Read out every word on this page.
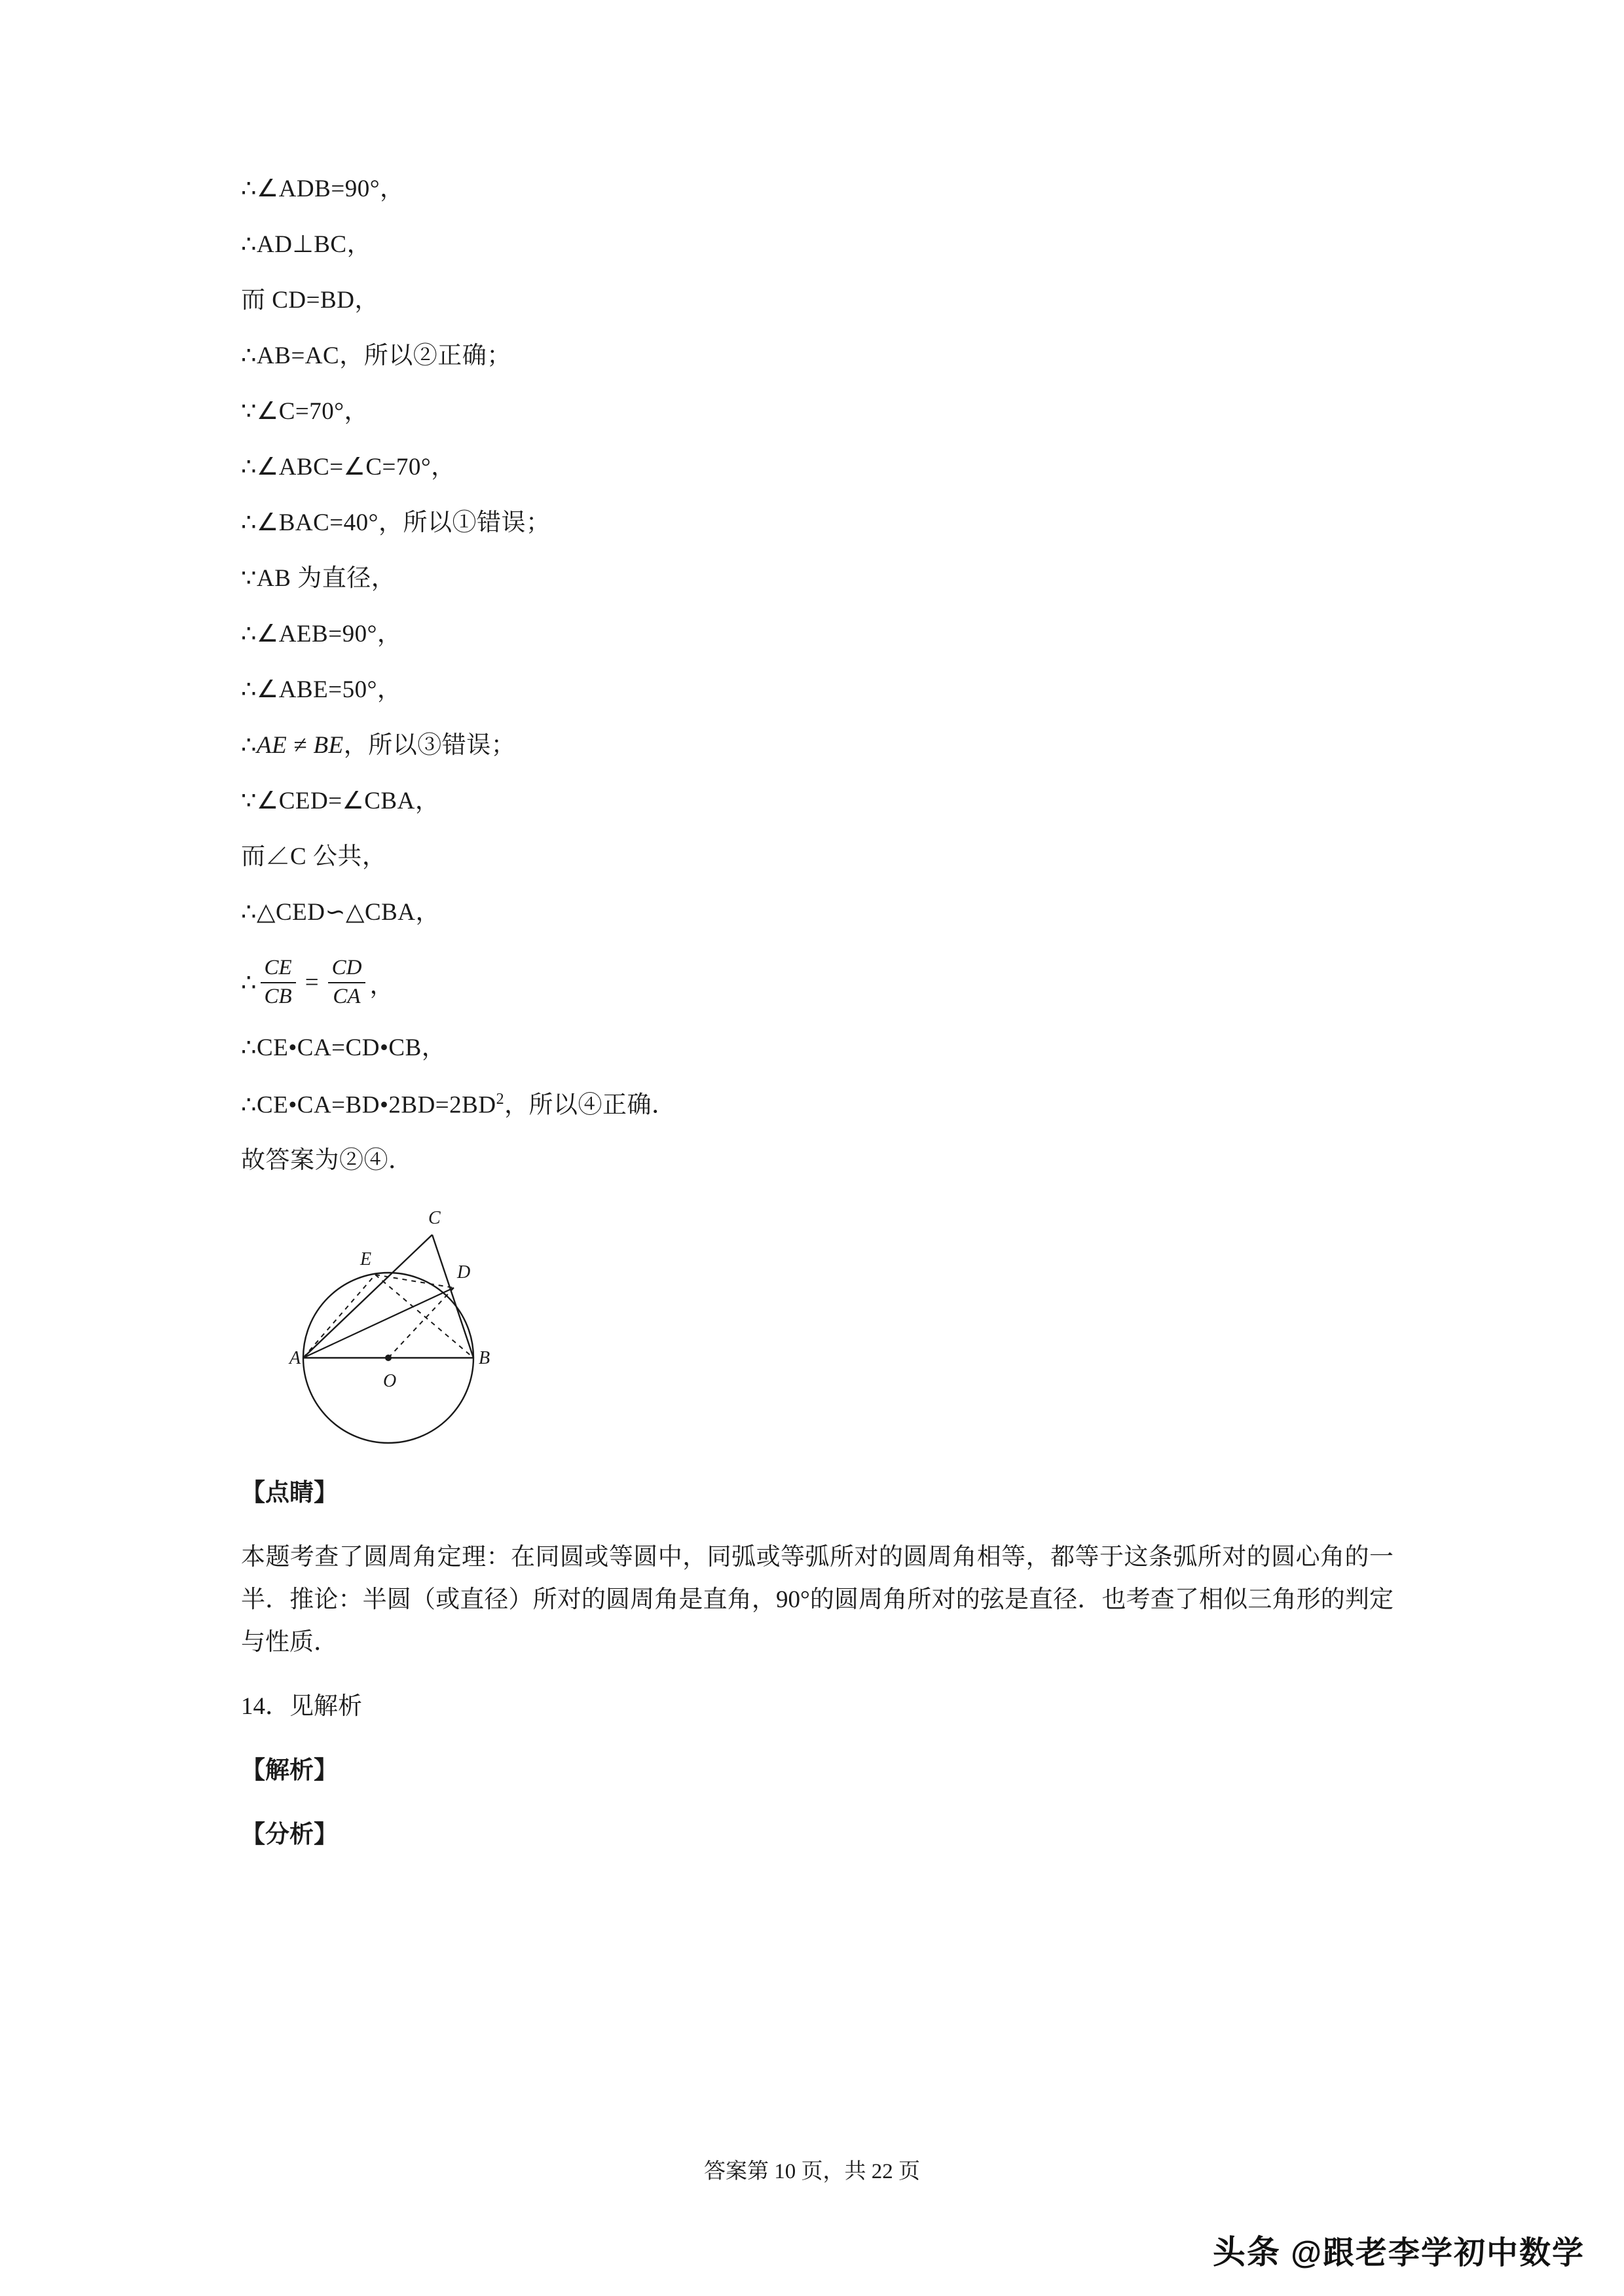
∴∠ADB=90°，

∴AD⊥BC，

而 CD=BD，

∴AB=AC，所以②正确；

∵∠C=70°，

∴∠ABC=∠C=70°，

∴∠BAC=40°，所以①错误；

∵AB 为直径，

∴∠AEB=90°，

∴∠ABE=50°，

∴AE ≠ BE，所以③错误；

∵∠CED=∠CBA，

而∠C 公共，

∴△CED∽△CBA，

∴ $\frac{CE}{CB} = \frac{CD}{CA}$ ，

∴CE•CA=CD•CB，

$\therefore CE•CA=BD•2BD=2BD^2$，所以④正确．

故答案为②④．

A	B
C
D
E
O

【点睛】

本题考查了圆周角定理：在同圆或等圆中，同弧或等弧所对的圆周角相等，都等于这条弧所对的圆心角的一半．推论：半圆（或直径）所对的圆周角是直角，90°的圆周角所对的弦是直径．也考查了相似三角形的判定与性质．

14．见解析

【解析】

【分析】

答案第 10 页，共 22 页
头条 @跟老李学初中数学
